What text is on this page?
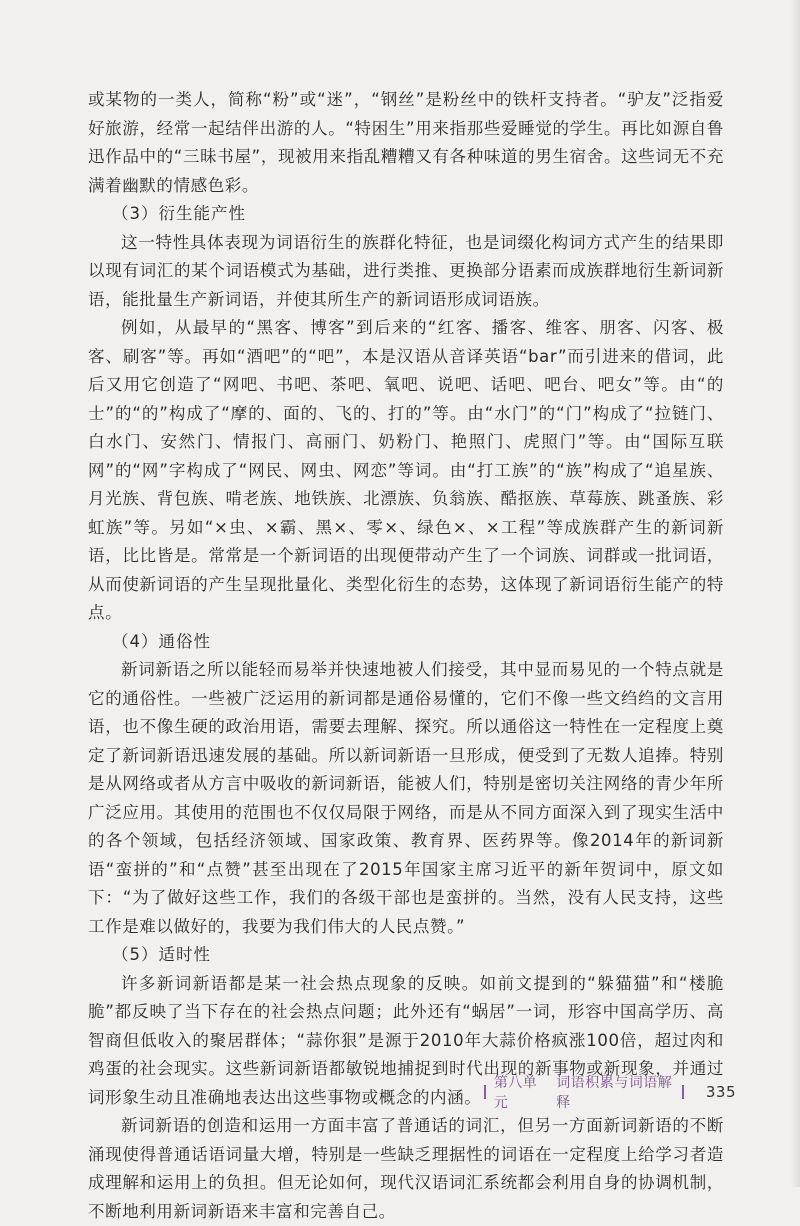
或某物的一类人，简称“粉”或“迷”，“钢丝”是粉丝中的铁杆支持者。“驴友”泛指爱好旅游，经常一起结伴出游的人。“特困生”用来指那些爱睡觉的学生。再比如源自鲁迅作品中的“三昧书屋”，现被用来指乱糟糟又有各种味道的男生宿舍。这些词无不充满着幽默的情感色彩。

（3）衍生能产性

这一特性具体表现为词语衍生的族群化特征，也是词缀化构词方式产生的结果即以现有词汇的某个词语模式为基础，进行类推、更换部分语素而成族群地衍生新词新语，能批量生产新词语，并使其所生产的新词语形成词语族。

例如，从最早的“黑客、博客”到后来的“红客、播客、维客、朋客、闪客、极客、刷客”等。再如“酒吧”的“吧”，本是汉语从音译英语“bar”而引进来的借词，此后又用它创造了“网吧、书吧、茶吧、氧吧、说吧、话吧、吧台、吧女”等。由“的士”的“的”构成了“摩的、面的、飞的、打的”等。由“水门”的“门”构成了“拉链门、白水门、安然门、情报门、高丽门、奶粉门、艳照门、虎照门”等。由“国际互联网”的“网”字构成了“网民、网虫、网恋”等词。由“打工族”的“族”构成了“追星族、月光族、背包族、啃老族、地铁族、北漂族、负翁族、酷抠族、草莓族、跳蚤族、彩虹族”等。另如“×虫、×霸、黑×、零×、绿色×、×工程”等成族群产生的新词新语，比比皆是。常常是一个新词语的出现便带动产生了一个词族、词群或一批词语，从而使新词语的产生呈现批量化、类型化衍生的态势，这体现了新词语衍生能产的特点。

（4）通俗性

新词新语之所以能轻而易举并快速地被人们接受，其中显而易见的一个特点就是它的通俗性。一些被广泛运用的新词都是通俗易懂的，它们不像一些文绉绉的文言用语，也不像生硬的政治用语，需要去理解、探究。所以通俗这一特性在一定程度上奠定了新词新语迅速发展的基础。所以新词新语一旦形成，便受到了无数人追捧。特别是从网络或者从方言中吸收的新词新语，能被人们，特别是密切关注网络的青少年所广泛应用。其使用的范围也不仅仅局限于网络，而是从不同方面深入到了现实生活中的各个领域，包括经济领域、国家政策、教育界、医药界等。像2014年的新词新语“蛮拼的”和“点赞”甚至出现在了2015年国家主席习近平的新年贺词中，原文如下：“为了做好这些工作，我们的各级干部也是蛮拼的。当然，没有人民支持，这些工作是难以做好的，我要为我们伟大的人民点赞。”

（5）适时性

许多新词新语都是某一社会热点现象的反映。如前文提到的“躲猫猫”和“楼脆脆”都反映了当下存在的社会热点问题；此外还有“蜗居”一词，形容中国高学历、高智商但低收入的聚居群体；“蒜你狠”是源于2010年大蒜价格疯涨100倍，超过肉和鸡蛋的社会现实。这些新词新语都敏锐地捕捉到时代出现的新事物或新现象，并通过词形象生动且准确地表达出这些事物或概念的内涵。

新词新语的创造和运用一方面丰富了普通话的词汇，但另一方面新词新语的不断涌现使得普通话语词量大增，特别是一些缺乏理据性的词语在一定程度上给学习者造成理解和运用上的负担。但无论如何，现代汉语词汇系统都会利用自身的协调机制，不断地利用新词新语来丰富和完善自己。

第八单元
词语积累与词语解释
335
